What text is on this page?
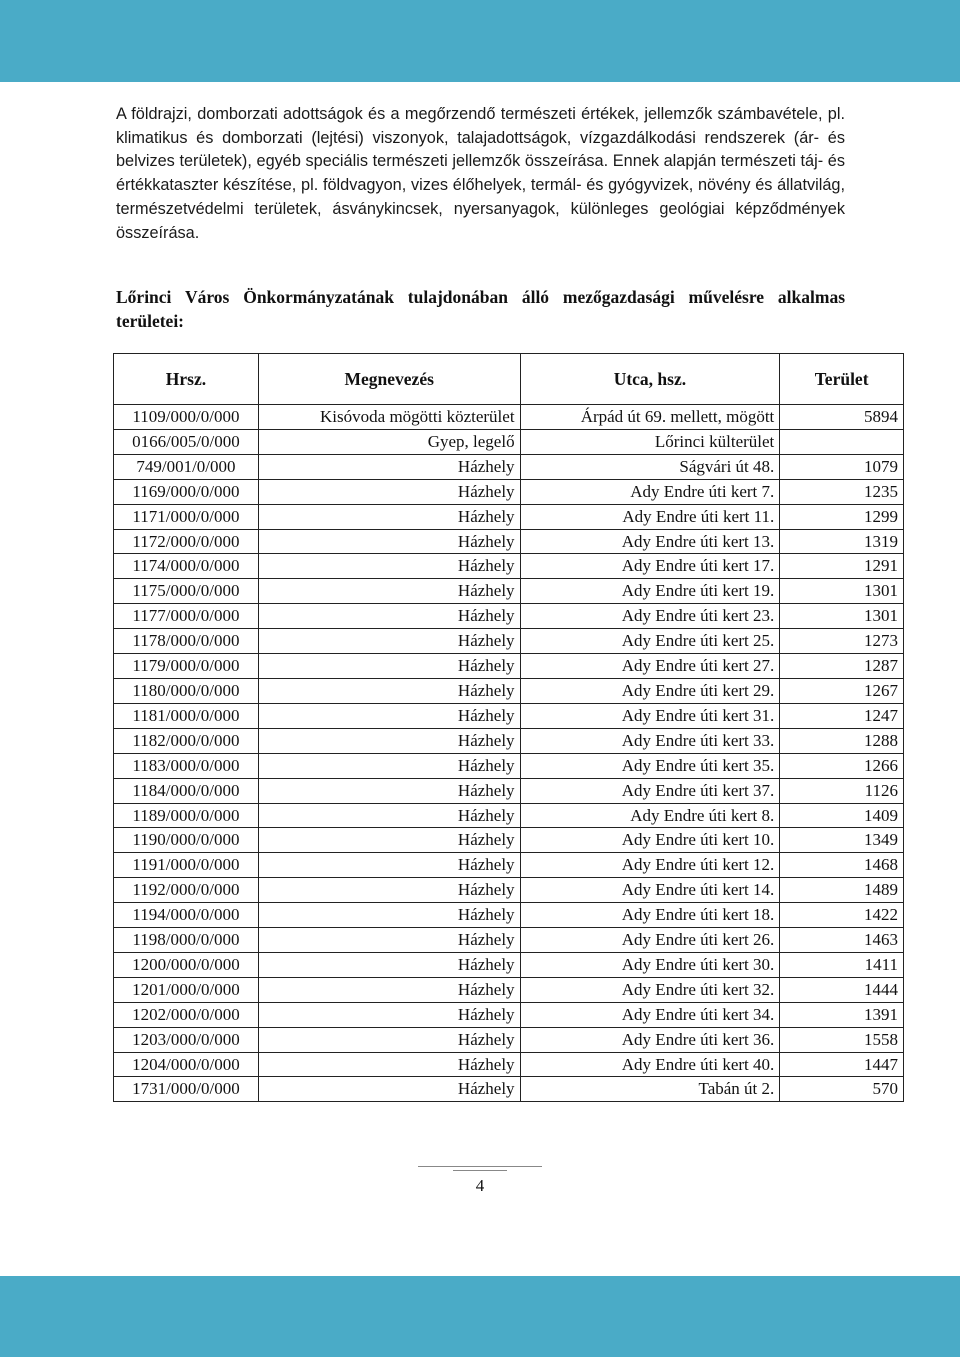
A földrajzi, domborzati adottságok és a megőrzendő természeti értékek, jellemzők számbavétele, pl. klimatikus és domborzati (lejtési) viszonyok, talajadottságok, vízgazdálkodási rendszerek (ár- és belvizes területek), egyéb speciális természeti jellemzők összeírása. Ennek alapján természeti táj- és értékkataszter készítése, pl. földvagyon, vizes élőhelyek, termál- és gyógyvizek, növény és állatvilág, természetvédelmi területek, ásványkincsek, nyersanyagok, különleges geológiai képződmények összeírása.
Lőrinci Város Önkormányzatának tulajdonában álló mezőgazdasági művelésre alkalmas területei:
Hrsz.	Megnevezés	Utca, hsz.	Terület
1109/000/0/000	Kisóvoda mögötti közterület	Árpád út 69. mellett, mögött	5894
0166/005/0/000	Gyep, legelő	Lőrinci külterület	
749/001/0/000	Házhely	Ságvári út 48.	1079
1169/000/0/000	Házhely	Ady Endre úti kert 7.	1235
1171/000/0/000	Házhely	Ady Endre úti kert 11.	1299
1172/000/0/000	Házhely	Ady Endre úti kert 13.	1319
1174/000/0/000	Házhely	Ady Endre úti kert 17.	1291
1175/000/0/000	Házhely	Ady Endre úti kert 19.	1301
1177/000/0/000	Házhely	Ady Endre úti kert 23.	1301
1178/000/0/000	Házhely	Ady Endre úti kert 25.	1273
1179/000/0/000	Házhely	Ady Endre úti kert 27.	1287
1180/000/0/000	Házhely	Ady Endre úti kert 29.	1267
1181/000/0/000	Házhely	Ady Endre úti kert 31.	1247
1182/000/0/000	Házhely	Ady Endre úti kert 33.	1288
1183/000/0/000	Házhely	Ady Endre úti kert 35.	1266
1184/000/0/000	Házhely	Ady Endre úti kert 37.	1126
1189/000/0/000	Házhely	Ady Endre úti kert 8.	1409
1190/000/0/000	Házhely	Ady Endre úti kert 10.	1349
1191/000/0/000	Házhely	Ady Endre úti kert 12.	1468
1192/000/0/000	Házhely	Ady Endre úti kert 14.	1489
1194/000/0/000	Házhely	Ady Endre úti kert 18.	1422
1198/000/0/000	Házhely	Ady Endre úti kert 26.	1463
1200/000/0/000	Házhely	Ady Endre úti kert 30.	1411
1201/000/0/000	Házhely	Ady Endre úti kert 32.	1444
1202/000/0/000	Házhely	Ady Endre úti kert 34.	1391
1203/000/0/000	Házhely	Ady Endre úti kert 36.	1558
1204/000/0/000	Házhely	Ady Endre úti kert 40.	1447
1731/000/0/000	Házhely	Tabán út 2.	570
4
